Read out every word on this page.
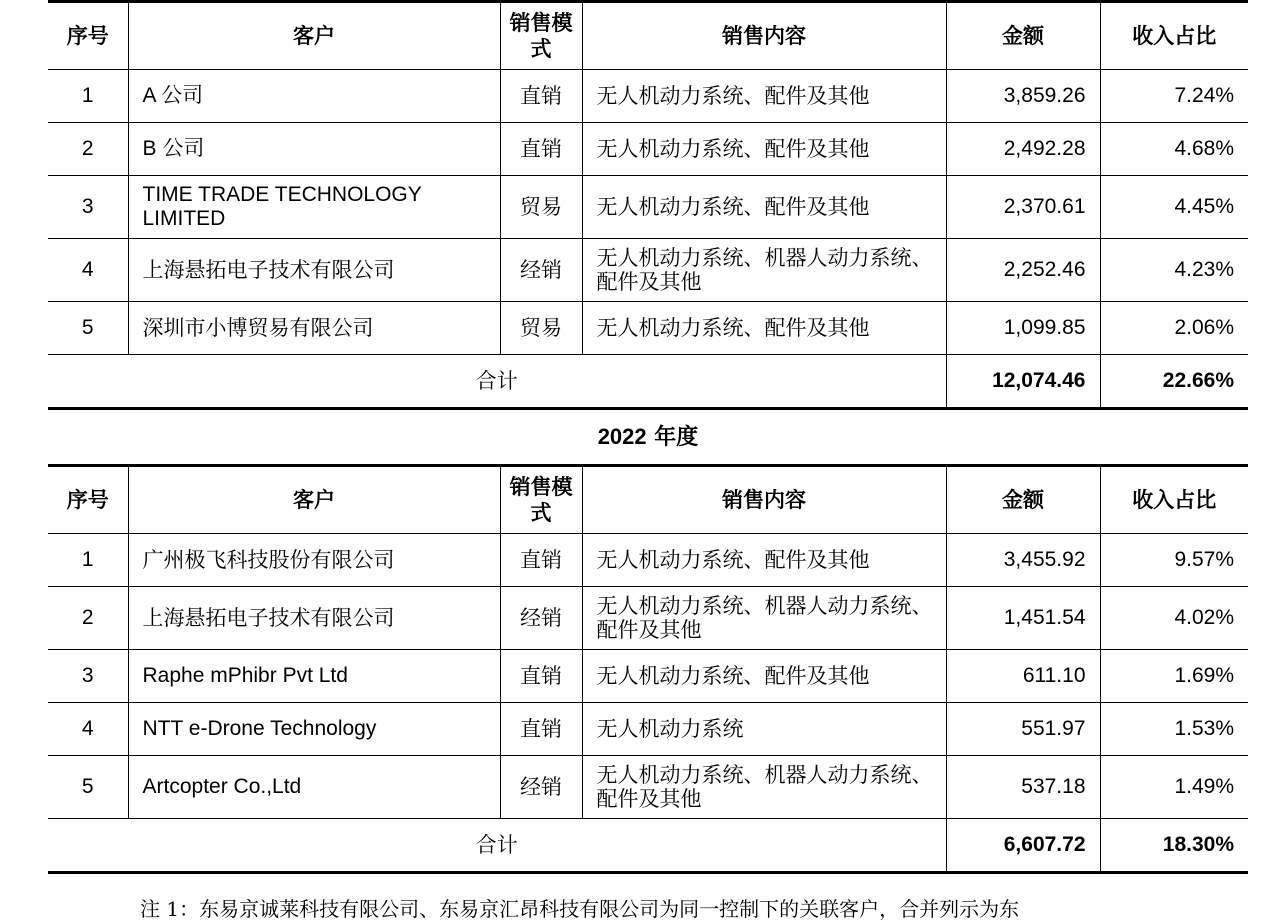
序号	客户	销售模式	销售内容	金额	收入占比
1	A 公司	直销	无人机动力系统、配件及其他	3,859.26	7.24%
2	B 公司	直销	无人机动力系统、配件及其他	2,492.28	4.68%
3	TIME TRADE TECHNOLOGY LIMITED	贸易	无人机动力系统、配件及其他	2,370.61	4.45%
4	上海悬拓电子技术有限公司	经销	无人机动力系统、机器人动力系统、配件及其他	2,252.46	4.23%
5	深圳市小博贸易有限公司	贸易	无人机动力系统、配件及其他	1,099.85	2.06%
合计				12,074.46	22.66%
2022 年度
序号	客户	销售模式	销售内容	金额	收入占比
1	广州极飞科技股份有限公司	直销	无人机动力系统、配件及其他	3,455.92	9.57%
2	上海悬拓电子技术有限公司	经销	无人机动力系统、机器人动力系统、配件及其他	1,451.54	4.02%
3	Raphe mPhibr Pvt Ltd	直销	无人机动力系统、配件及其他	611.10	1.69%
4	NTT e-Drone Technology	直销	无人机动力系统	551.97	1.53%
5	Artcopter Co.,Ltd	经销	无人机动力系统、机器人动力系统、配件及其他	537.18	1.49%
合计				6,607.72	18.30%
注 1：东易京诚莱科技有限公司、东易京汇昂科技有限公司为同一控制下的关联客户，合并列示为东
